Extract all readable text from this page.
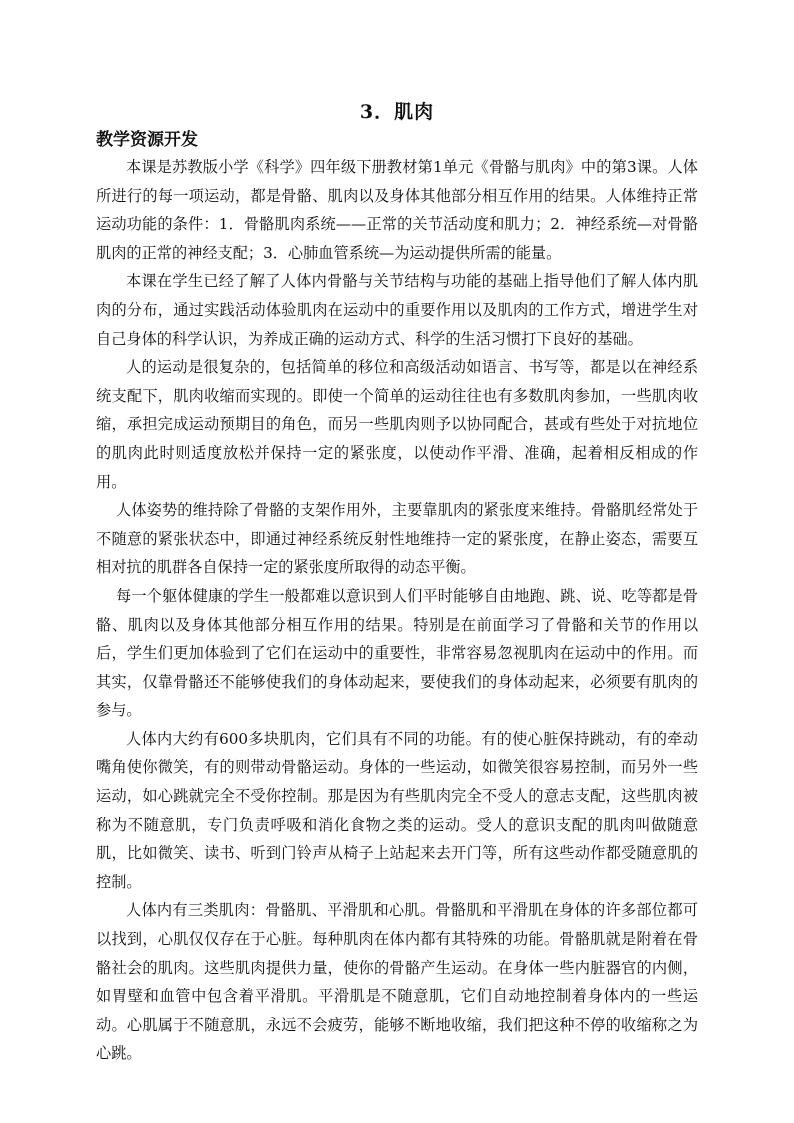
3．肌肉
教学资源开发

本课是苏教版小学《科学》四年级下册教材第1单元《骨骼与肌肉》中的第3课。人体所进行的每一项运动，都是骨骼、肌肉以及身体其他部分相互作用的结果。人体维持正常运动功能的条件：1．骨骼肌肉系统——正常的关节活动度和肌力；2．神经系统—对骨骼肌肉的正常的神经支配；3．心肺血管系统—为运动提供所需的能量。

本课在学生已经了解了人体内骨骼与关节结构与功能的基础上指导他们了解人体内肌肉的分布，通过实践活动体验肌肉在运动中的重要作用以及肌肉的工作方式，增进学生对自己身体的科学认识，为养成正确的运动方式、科学的生活习惯打下良好的基础。

人的运动是很复杂的，包括简单的移位和高级活动如语言、书写等，都是以在神经系统支配下，肌肉收缩而实现的。即使一个简单的运动往往也有多数肌肉参加，一些肌肉收缩，承担完成运动预期目的角色，而另一些肌肉则予以协同配合，甚或有些处于对抗地位的肌肉此时则适度放松并保持一定的紧张度，以使动作平滑、准确，起着相反相成的作用。

人体姿势的维持除了骨骼的支架作用外，主要靠肌肉的紧张度来维持。骨骼肌经常处于不随意的紧张状态中，即通过神经系统反射性地维持一定的紧张度，在静止姿态，需要互相对抗的肌群各自保持一定的紧张度所取得的动态平衡。

每一个躯体健康的学生一般都难以意识到人们平时能够自由地跑、跳、说、吃等都是骨骼、肌肉以及身体其他部分相互作用的结果。特别是在前面学习了骨骼和关节的作用以后，学生们更加体验到了它们在运动中的重要性，非常容易忽视肌肉在运动中的作用。而其实，仅靠骨骼还不能够使我们的身体动起来，要使我们的身体动起来，必须要有肌肉的参与。

人体内大约有600多块肌肉，它们具有不同的功能。有的使心脏保持跳动，有的牵动嘴角使你微笑，有的则带动骨骼运动。身体的一些运动，如微笑很容易控制，而另外一些运动，如心跳就完全不受你控制。那是因为有些肌肉完全不受人的意志支配，这些肌肉被称为不随意肌，专门负责呼吸和消化食物之类的运动。受人的意识支配的肌肉叫做随意肌，比如微笑、读书、听到门铃声从椅子上站起来去开门等，所有这些动作都受随意肌的控制。

人体内有三类肌肉：骨骼肌、平滑肌和心肌。骨骼肌和平滑肌在身体的许多部位都可以找到，心肌仅仅存在于心脏。每种肌肉在体内都有其特殊的功能。骨骼肌就是附着在骨骼社会的肌肉。这些肌肉提供力量，使你的骨骼产生运动。在身体一些内脏器官的内侧，如胃壁和血管中包含着平滑肌。平滑肌是不随意肌，它们自动地控制着身体内的一些运动。心肌属于不随意肌，永远不会疲劳，能够不断地收缩，我们把这种不停的收缩称之为心跳。
